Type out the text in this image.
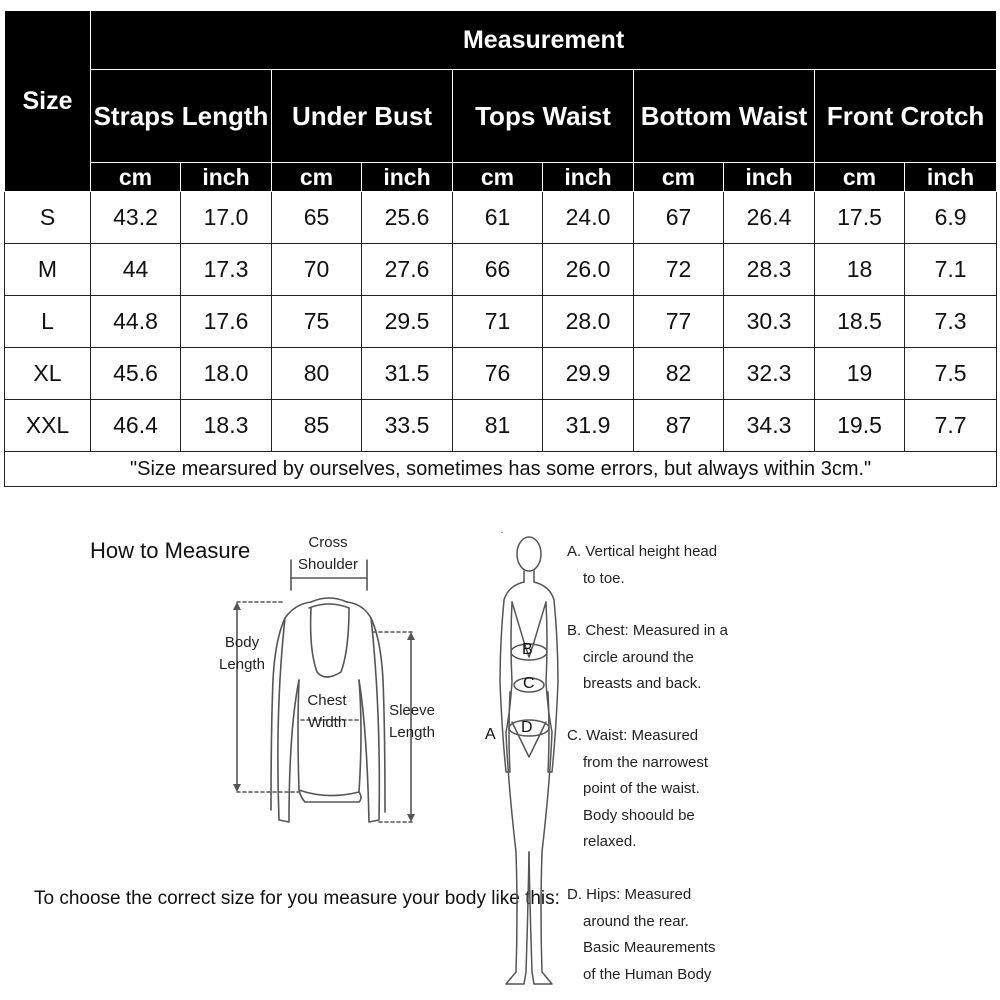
Size	Measurement									
	Straps Length		Under Bust		Tops Waist		Bottom Waist		Front Crotch	
	cm	inch	cm	inch	cm	inch	cm	inch	cm	inch
S	43.2	17.0	65	25.6	61	24.0	67	26.4	17.5	6.9
M	44	17.3	70	27.6	66	26.0	72	28.3	18	7.1
L	44.8	17.6	75	29.5	71	28.0	77	30.3	18.5	7.3
XL	45.6	18.0	80	31.5	76	29.9	82	32.3	19	7.5
XXL	46.4	18.3	85	33.5	81	31.9	87	34.3	19.5	7.7
"Size mearsured by ourselves, sometimes has some errors, but always within 3cm."										
How to Measure	Cross
Shoulder
Body
Length
Chest
Width
Sleeve
Length
To choose the correct size for you measure your body like this:
A
B
C
D
A. Vertical height head
to toe.
B. Chest: Measured in a
circle around the
breasts and back.
C. Waist: Measured
from the narrowest
point of the waist.
Body shoould be
relaxed.
D. Hips: Measured
around the rear.
Basic Meaurements
of the Human Body
